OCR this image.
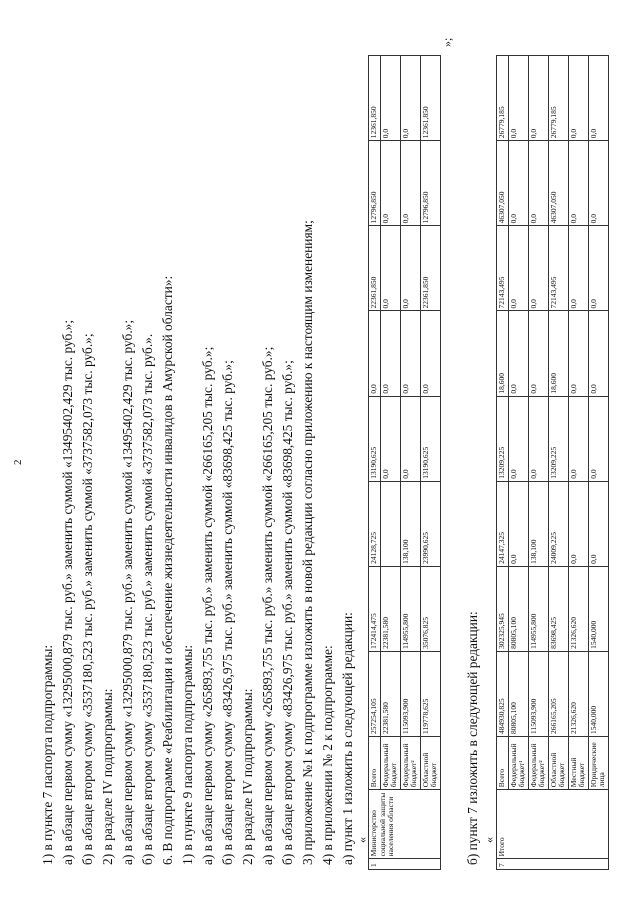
2
1) в пункте 7 паспорта подпрограммы: а) в абзаце первом сумму «13295000,879 тыс. руб.» заменить суммой «13495402,429 тыс. руб.»; б) в абзаце втором сумму «3537180,523 тыс. руб.» заменить суммой «3737582,073 тыс. руб.»; 2) в разделе IV подпрограммы: а) в абзаце первом сумму «13295000,879 тыс. руб.» заменить суммой «13495402,429 тыс. руб.»; б) в абзаце втором сумму «3537180,523 тыс. руб.» заменить суммой «3737582,073 тыс. руб.». 6. В подпрограмме «Реабилитация и обеспечение жизнедеятельности инвалидов в Амурской области»: 1) в пункте 9 паспорта подпрограммы: а) в абзаце первом сумму «265893,755 тыс. руб.» заменить суммой «266165,205 тыс. руб.»; б) в абзаце втором сумму «83426,975 тыс. руб.» заменить суммой «83698,425 тыс. руб.»; 2) в разделе IV подпрограммы: а) в абзаце первом сумму «265893,755 тыс. руб.» заменить суммой «266165,205 тыс. руб.»; б) в абзаце втором сумму «83426,975 тыс. руб.» заменить суммой «83698,425 тыс. руб.»; 3) приложение №1 к подпрограмме изложить в новой редакции согласно приложению к настоящим изменениям; 4) в приложении № 2 к подпрограмме: а) пункт 1 изложить в следующей редакции: «
1	Министерство социальной защиты населения области	Всего	257254,105	172414,475	24128,725	13190,625	0,0	22361,850	12796,850	12361,850
		Федеральный бюджет	22381,580	22381,580		0,0	0,0	0,0	0,0	0,0
		Федеральный бюджет²	115093,900	114955,800	138,100	0,0	0,0	0,0	0,0	0,0
		Областной бюджет	119778,625	35076,825	23990,625	13190,625	0,0	22361,850	12796,850	12361,850
»;
б) пункт 7 изложить в следующей редакции: «
7	Итого	Всего	484930,825	302325,945	24147,325	13209,225	18,600	72143,495	46307,050	26779,185
		Федеральный бюджет¹	80805,100	80805,100	0,0	0,0	0,0	0,0	0,0	0,0
		Федеральный бюджет²	115093,900	114955,800	138,100	0,0	0,0	0,0	0,0	0,0
		Областной бюджет	266165,205	83698,425	24009,225	13209,225	18,600	72143,495	46307,050	26779,185
		Местный бюджет	21326,620	21326,620	0,0	0,0	0,0	0,0	0,0	0,0
		Юридические лица	1540,000	1540,000	0,0	0,0	0,0	0,0	0,0	0,0
